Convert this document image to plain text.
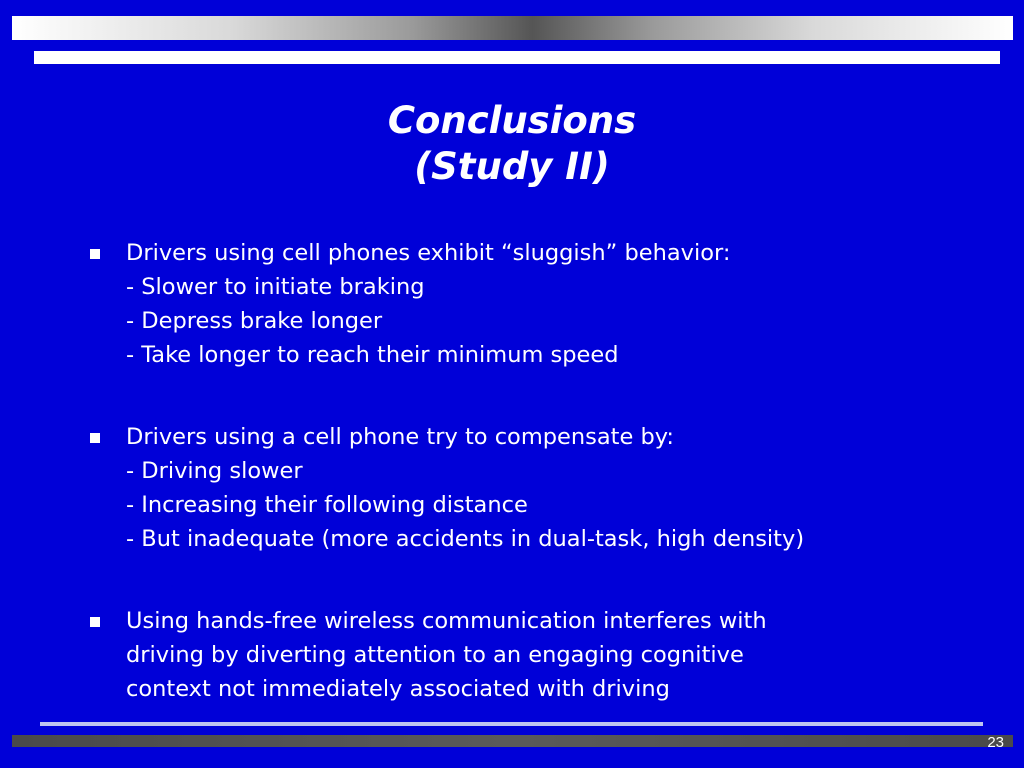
Conclusions
(Study II)
Drivers using cell phones exhibit “sluggish” behavior:
- Slower to initiate braking
- Depress brake longer
- Take longer to reach their minimum speed
Drivers using a cell phone try to compensate by:
- Driving slower
- Increasing their following distance
- But inadequate (more accidents in dual-task, high density)
Using hands-free wireless communication interferes with
driving by diverting attention to an engaging cognitive
context not immediately associated with driving
23
